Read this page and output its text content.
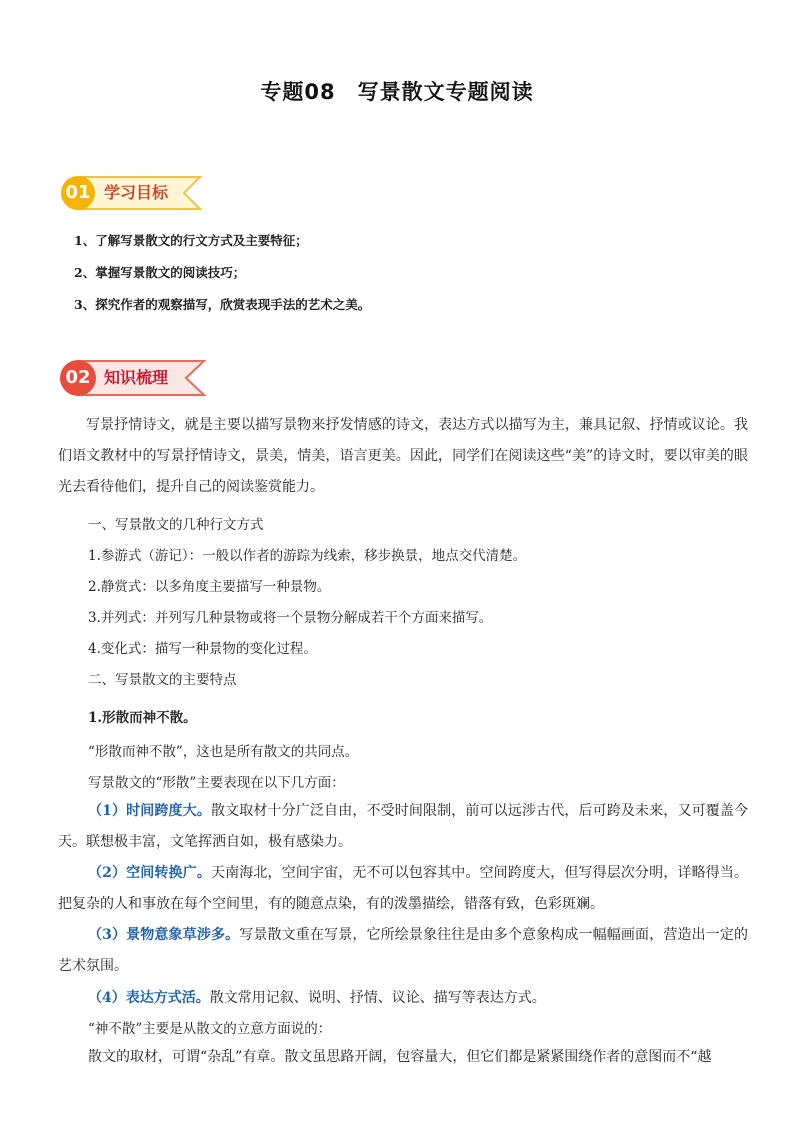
专题08　写景散文专题阅读
01 学习目标
1、了解写景散文的行文方式及主要特征；
2、掌握写景散文的阅读技巧；
3、探究作者的观察描写，欣赏表现手法的艺术之美。
02 知识梳理
写景抒情诗文，就是主要以描写景物来抒发情感的诗文，表达方式以描写为主，兼具记叙、抒情或议论。我们语文教材中的写景抒情诗文，景美，情美，语言更美。因此，同学们在阅读这些“美”的诗文时，要以审美的眼光去看待他们，提升自己的阅读鉴赏能力。
一、写景散文的几种行文方式
1.参游式（游记）：一般以作者的游踪为线索，移步换景，地点交代清楚。
2.静赏式：以多角度主要描写一种景物。
3.并列式：并列写几种景物或将一个景物分解成若干个方面来描写。
4.变化式：描写一种景物的变化过程。
二、写景散文的主要特点
1.形散而神不散。
“形散而神不散”，这也是所有散文的共同点。
写景散文的“形散”主要表现在以下几方面：
（1）时间跨度大。散文取材十分广泛自由，不受时间限制，前可以远涉古代，后可跨及未来，又可覆盖今天。联想极丰富，文笔挥洒自如，极有感染力。
（2）空间转换广。天南海北，空间宇宙，无不可以包容其中。空间跨度大，但写得层次分明，详略得当。把复杂的人和事放在每个空间里，有的随意点染，有的泼墨描绘，错落有致，色彩斑斓。
（3）景物意象草涉多。写景散文重在写景，它所绘景象往往是由多个意象构成一幅幅画面，营造出一定的艺术氛围。
（4）表达方式活。散文常用记叙、说明、抒情、议论、描写等表达方式。
“神不散”主要是从散文的立意方面说的：
散文的取材，可谓“杂乱”有章。散文虽思路开阔，包容量大，但它们都是紧紧围绕作者的意图而不“越
